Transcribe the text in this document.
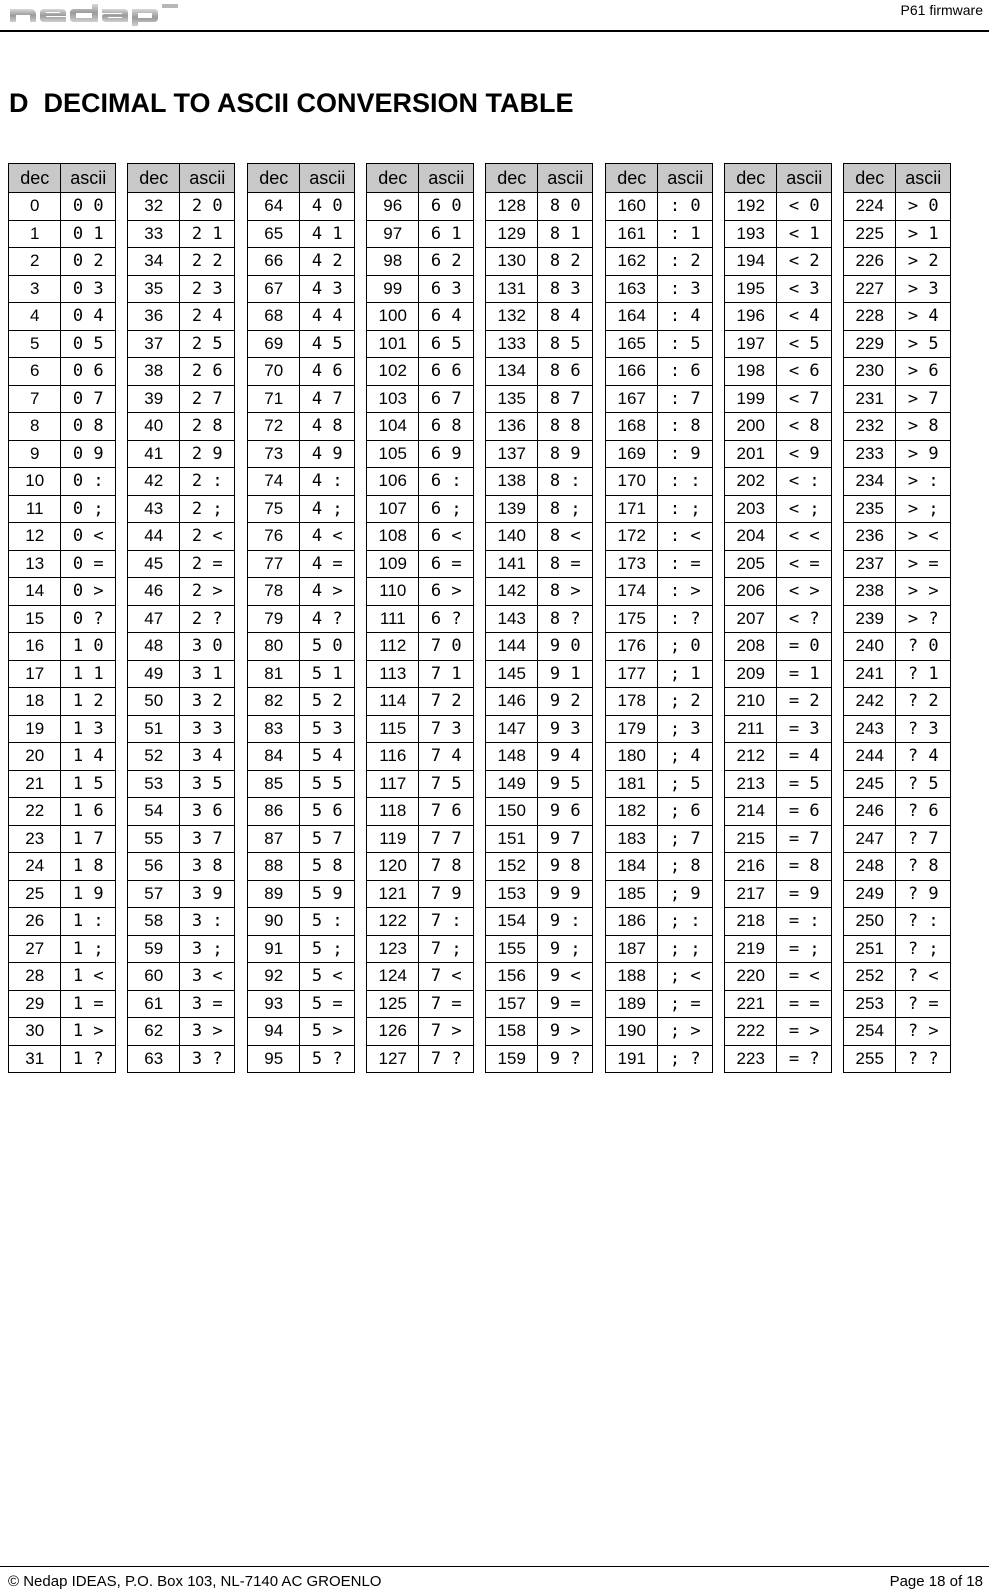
P61 firmware
D  DECIMAL TO ASCII CONVERSION TABLE
dec	ascii
0	0 0
1	0 1
2	0 2
3	0 3
4	0 4
5	0 5
6	0 6
7	0 7
8	0 8
9	0 9
10	0 :
11	0 ;
12	0 <
13	0 =
14	0 >
15	0 ?
16	1 0
17	1 1
18	1 2
19	1 3
20	1 4
21	1 5
22	1 6
23	1 7
24	1 8
25	1 9
26	1 :
27	1 ;
28	1 <
29	1 =
30	1 >
31	1 ?
dec	ascii
32	2 0
33	2 1
34	2 2
35	2 3
36	2 4
37	2 5
38	2 6
39	2 7
40	2 8
41	2 9
42	2 :
43	2 ;
44	2 <
45	2 =
46	2 >
47	2 ?
48	3 0
49	3 1
50	3 2
51	3 3
52	3 4
53	3 5
54	3 6
55	3 7
56	3 8
57	3 9
58	3 :
59	3 ;
60	3 <
61	3 =
62	3 >
63	3 ?
dec	ascii
64	4 0
65	4 1
66	4 2
67	4 3
68	4 4
69	4 5
70	4 6
71	4 7
72	4 8
73	4 9
74	4 :
75	4 ;
76	4 <
77	4 =
78	4 >
79	4 ?
80	5 0
81	5 1
82	5 2
83	5 3
84	5 4
85	5 5
86	5 6
87	5 7
88	5 8
89	5 9
90	5 :
91	5 ;
92	5 <
93	5 =
94	5 >
95	5 ?
dec	ascii
96	6 0
97	6 1
98	6 2
99	6 3
100	6 4
101	6 5
102	6 6
103	6 7
104	6 8
105	6 9
106	6 :
107	6 ;
108	6 <
109	6 =
110	6 >
111	6 ?
112	7 0
113	7 1
114	7 2
115	7 3
116	7 4
117	7 5
118	7 6
119	7 7
120	7 8
121	7 9
122	7 :
123	7 ;
124	7 <
125	7 =
126	7 >
127	7 ?
dec	ascii
128	8 0
129	8 1
130	8 2
131	8 3
132	8 4
133	8 5
134	8 6
135	8 7
136	8 8
137	8 9
138	8 :
139	8 ;
140	8 <
141	8 =
142	8 >
143	8 ?
144	9 0
145	9 1
146	9 2
147	9 3
148	9 4
149	9 5
150	9 6
151	9 7
152	9 8
153	9 9
154	9 :
155	9 ;
156	9 <
157	9 =
158	9 >
159	9 ?
dec	ascii
160	: 0
161	: 1
162	: 2
163	: 3
164	: 4
165	: 5
166	: 6
167	: 7
168	: 8
169	: 9
170	: :
171	: ;
172	: <
173	: =
174	: >
175	: ?
176	; 0
177	; 1
178	; 2
179	; 3
180	; 4
181	; 5
182	; 6
183	; 7
184	; 8
185	; 9
186	; :
187	; ;
188	; <
189	; =
190	; >
191	; ?
dec	ascii
192	< 0
193	< 1
194	< 2
195	< 3
196	< 4
197	< 5
198	< 6
199	< 7
200	< 8
201	< 9
202	< :
203	< ;
204	< <
205	< =
206	< >
207	< ?
208	= 0
209	= 1
210	= 2
211	= 3
212	= 4
213	= 5
214	= 6
215	= 7
216	= 8
217	= 9
218	= :
219	= ;
220	= <
221	= =
222	= >
223	= ?
dec	ascii
224	> 0
225	> 1
226	> 2
227	> 3
228	> 4
229	> 5
230	> 6
231	> 7
232	> 8
233	> 9
234	> :
235	> ;
236	> <
237	> =
238	> >
239	> ?
240	? 0
241	? 1
242	? 2
243	? 3
244	? 4
245	? 5
246	? 6
247	? 7
248	? 8
249	? 9
250	? :
251	? ;
252	? <
253	? =
254	? >
255	? ?
© Nedap IDEAS, P.O. Box 103, NL-7140 AC GROENLO	Page 18 of 18
